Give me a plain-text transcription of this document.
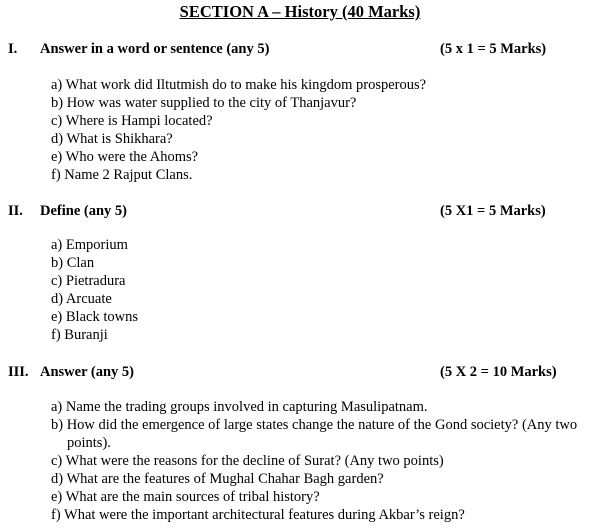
SECTION A – History (40 Marks)
I. Answer in a word or sentence (any 5)	(5 x 1 = 5 Marks)
a) What work did Iltutmish do to make his kingdom prosperous?
b) How was water supplied to the city of Thanjavur?
c) Where is Hampi located?
d) What is Shikhara?
e) Who were the Ahoms?
f) Name 2 Rajput Clans.
II. Define (any 5)	(5 X1 = 5 Marks)
a) Emporium
b) Clan
c) Pietradura
d) Arcuate
e) Black towns
f) Buranji
III. Answer (any 5)	(5 X 2 = 10 Marks)
a) Name the trading groups involved in capturing Masulipatnam.
b) How did the emergence of large states change the nature of the Gond society? (Any two points).
c) What were the reasons for the decline of Surat? (Any two points)
d) What are the features of Mughal Chahar Bagh garden?
e) What are the main sources of tribal history?
f) What were the important architectural features during Akbar’s reign?
